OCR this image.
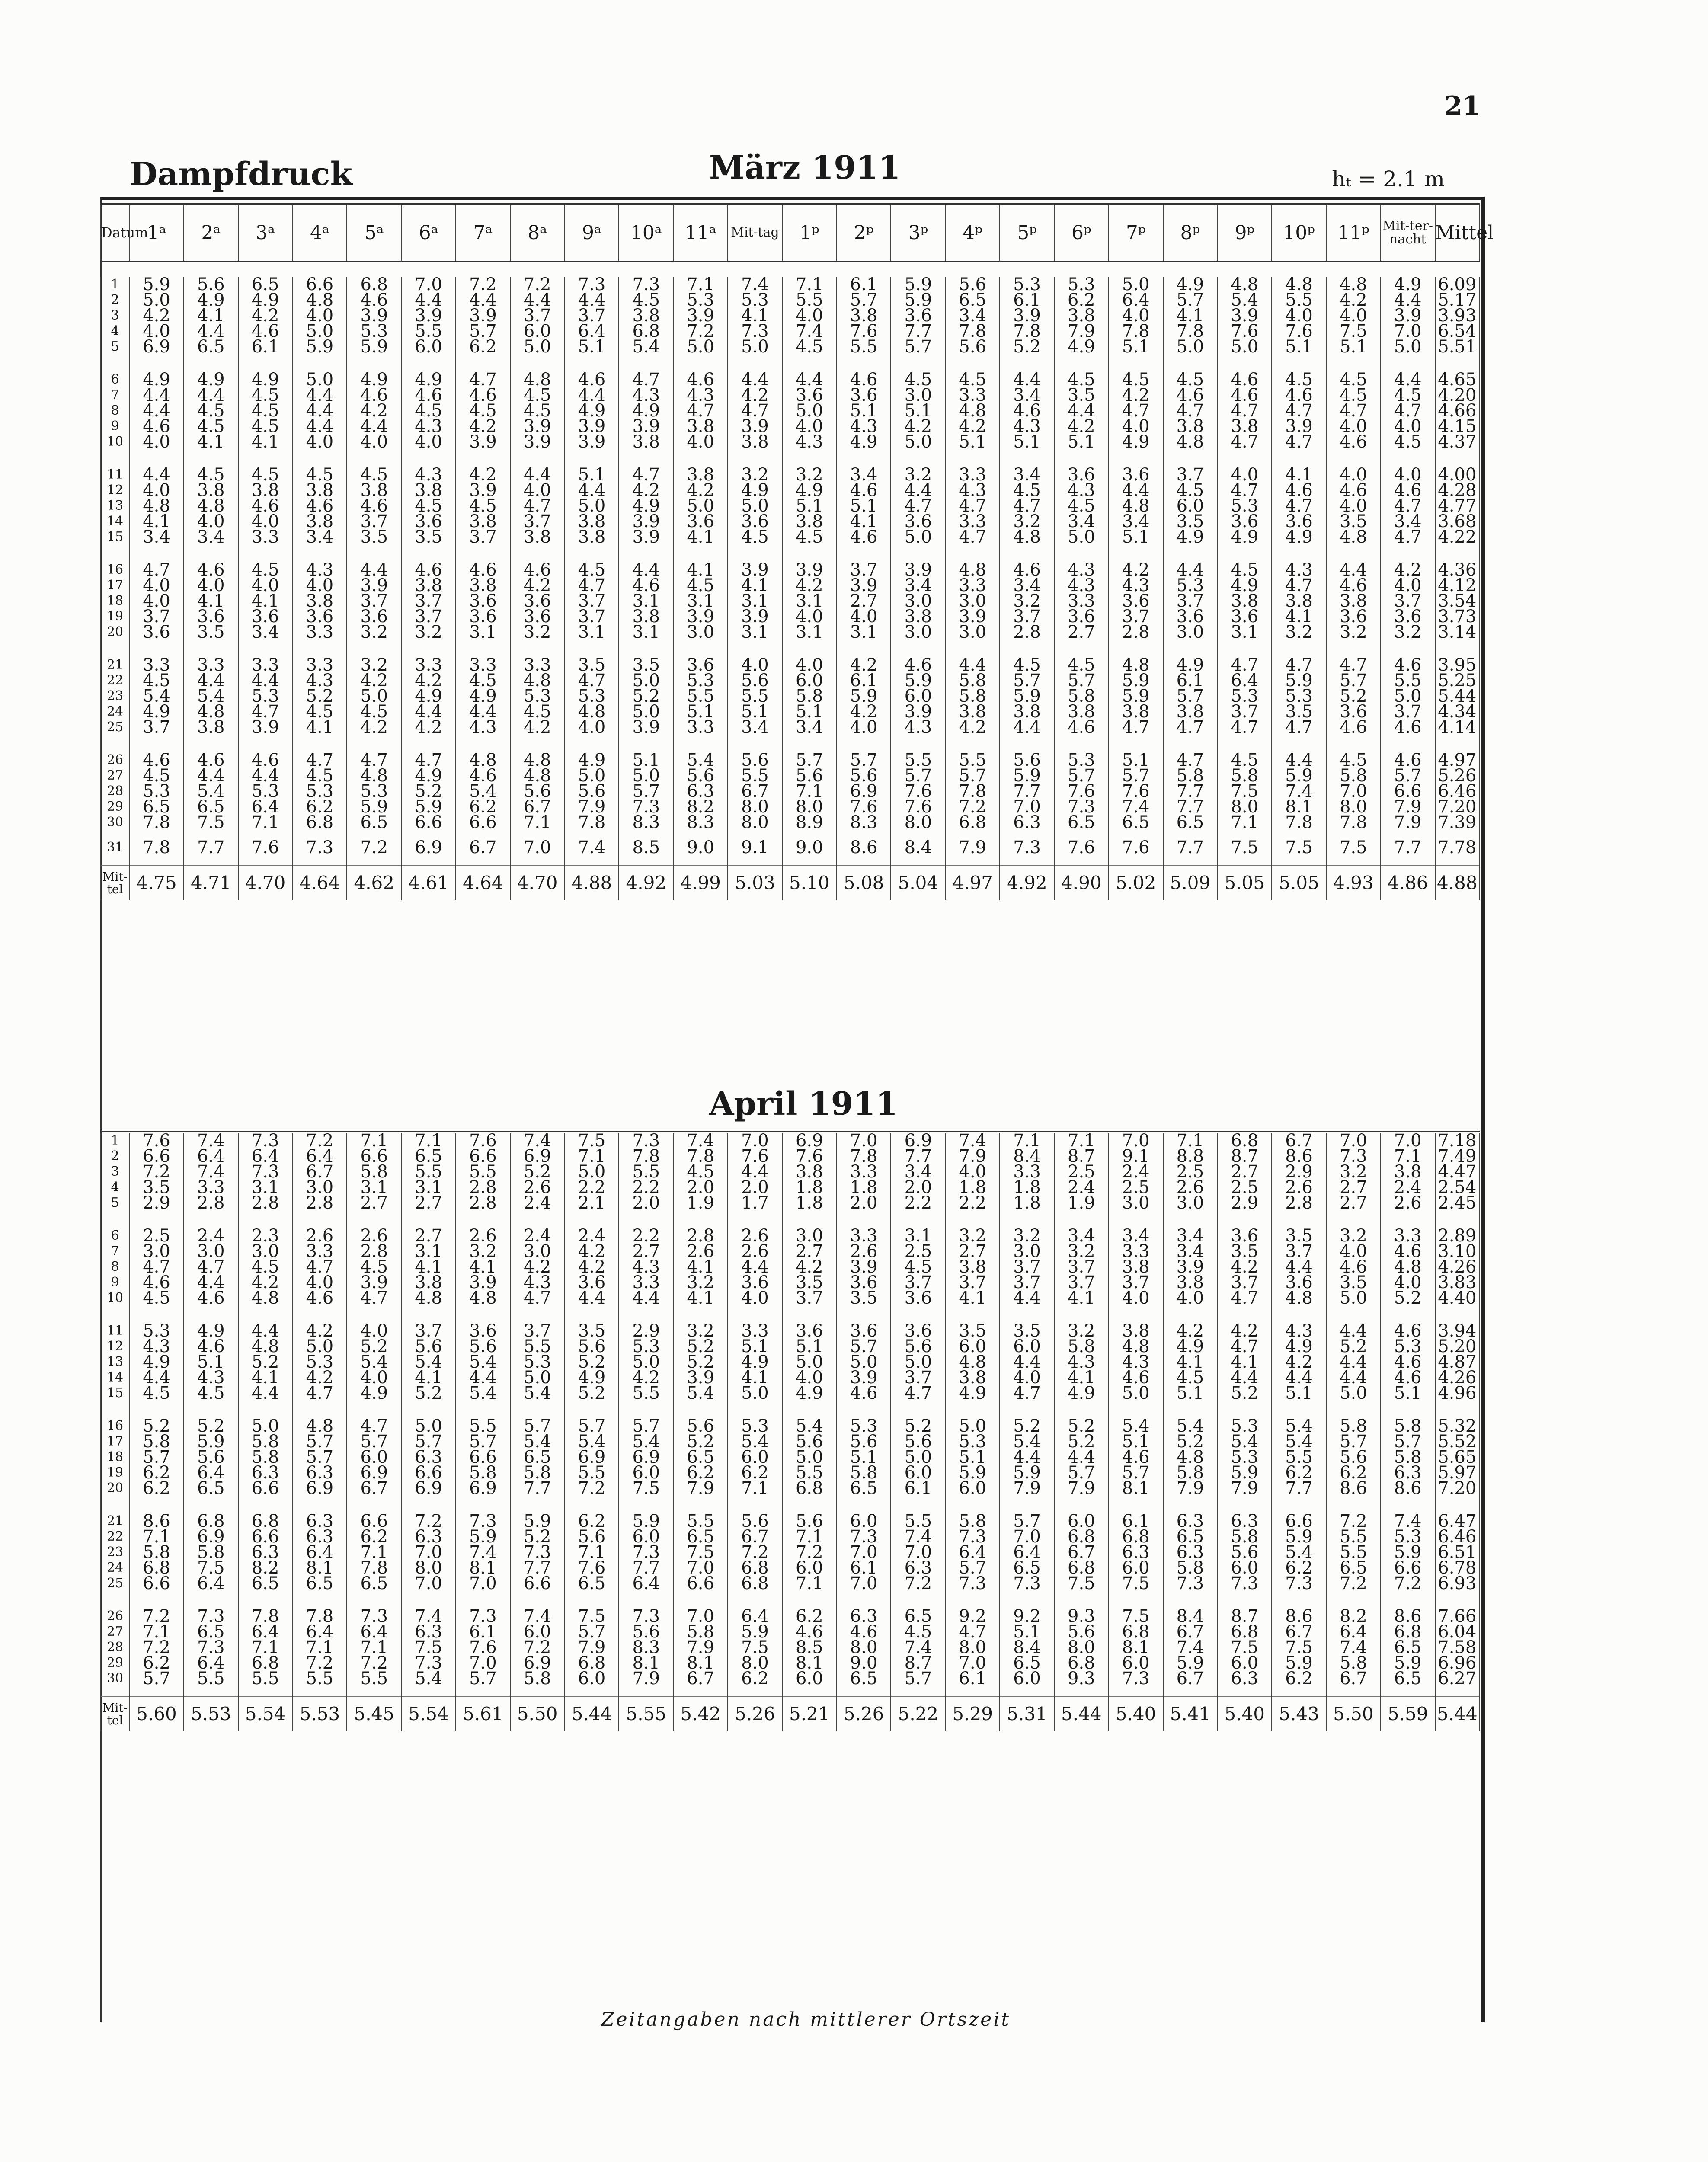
21
Dampfdruck	März 1911	hₜ = 2.1 m
Datum	1ᵃ	2ᵃ	3ᵃ	4ᵃ	5ᵃ	6ᵃ	7ᵃ	8ᵃ	9ᵃ	10ᵃ	11ᵃ	Mit-tag	1ᵖ	2ᵖ	3ᵖ	4ᵖ	5ᵖ	6ᵖ	7ᵖ	8ᵖ	9ᵖ	10ᵖ	11ᵖ	Mit-ter-nacht	Mittel
1	5.9	5.6	6.5	6.6	6.8	7.0	7.2	7.2	7.3	7.3	7.1	7.4	7.1	6.1	5.9	5.6	5.3	5.3	5.0	4.9	4.8	4.8	4.8	4.9	6.09
2	5.0	4.9	4.9	4.8	4.6	4.4	4.4	4.4	4.4	4.5	5.3	5.3	5.5	5.7	5.9	6.5	6.1	6.2	6.4	5.7	5.4	5.5	4.2	4.4	5.17
3	4.2	4.1	4.2	4.0	3.9	3.9	3.9	3.7	3.7	3.8	3.9	4.1	4.0	3.8	3.6	3.4	3.9	3.8	4.0	4.1	3.9	4.0	4.0	3.9	3.93
4	4.0	4.4	4.6	5.0	5.3	5.5	5.7	6.0	6.4	6.8	7.2	7.3	7.4	7.6	7.7	7.8	7.8	7.9	7.8	7.8	7.6	7.6	7.5	7.0	6.54
5	6.9	6.5	6.1	5.9	5.9	6.0	6.2	5.0	5.1	5.4	5.0	5.0	4.5	5.5	5.7	5.6	5.2	4.9	5.1	5.0	5.0	5.1	5.1	5.0	5.51

6	4.9	4.9	4.9	5.0	4.9	4.9	4.7	4.8	4.6	4.7	4.6	4.4	4.4	4.6	4.5	4.5	4.4	4.5	4.5	4.5	4.6	4.5	4.5	4.4	4.65
7	4.4	4.4	4.5	4.4	4.6	4.6	4.6	4.5	4.4	4.3	4.3	4.2	3.6	3.6	3.0	3.3	3.4	3.5	4.2	4.6	4.6	4.6	4.5	4.5	4.20
8	4.4	4.5	4.5	4.4	4.2	4.5	4.5	4.5	4.9	4.9	4.7	4.7	5.0	5.1	5.1	4.8	4.6	4.4	4.7	4.7	4.7	4.7	4.7	4.7	4.66
9	4.6	4.5	4.5	4.4	4.4	4.3	4.2	3.9	3.9	3.9	3.8	3.9	4.0	4.3	4.2	4.2	4.3	4.2	4.0	3.8	3.8	3.9	4.0	4.0	4.15
10	4.0	4.1	4.1	4.0	4.0	4.0	3.9	3.9	3.9	3.8	4.0	3.8	4.3	4.9	5.0	5.1	5.1	5.1	4.9	4.8	4.7	4.7	4.6	4.5	4.37

11	4.4	4.5	4.5	4.5	4.5	4.3	4.2	4.4	5.1	4.7	3.8	3.2	3.2	3.4	3.2	3.3	3.4	3.6	3.6	3.7	4.0	4.1	4.0	4.0	4.00
12	4.0	3.8	3.8	3.8	3.8	3.8	3.9	4.0	4.4	4.2	4.2	4.9	4.9	4.6	4.4	4.3	4.5	4.3	4.4	4.5	4.7	4.6	4.6	4.6	4.28
13	4.8	4.8	4.6	4.6	4.6	4.5	4.5	4.7	5.0	4.9	5.0	5.0	5.1	5.1	4.7	4.7	4.7	4.5	4.8	6.0	5.3	4.7	4.0	4.7	4.77
14	4.1	4.0	4.0	3.8	3.7	3.6	3.8	3.7	3.8	3.9	3.6	3.6	3.8	4.1	3.6	3.3	3.2	3.4	3.4	3.5	3.6	3.6	3.5	3.4	3.68
15	3.4	3.4	3.3	3.4	3.5	3.5	3.7	3.8	3.8	3.9	4.1	4.5	4.5	4.6	5.0	4.7	4.8	5.0	5.1	4.9	4.9	4.9	4.8	4.7	4.22

16	4.7	4.6	4.5	4.3	4.4	4.6	4.6	4.6	4.5	4.4	4.1	3.9	3.9	3.7	3.9	4.8	4.6	4.3	4.2	4.4	4.5	4.3	4.4	4.2	4.36
17	4.0	4.0	4.0	4.0	3.9	3.8	3.8	4.2	4.7	4.6	4.5	4.1	4.2	3.9	3.4	3.3	3.4	4.3	4.3	5.3	4.9	4.7	4.6	4.0	4.12
18	4.0	4.1	4.1	3.8	3.7	3.7	3.6	3.6	3.7	3.1	3.1	3.1	3.1	2.7	3.0	3.0	3.2	3.3	3.6	3.7	3.8	3.8	3.8	3.7	3.54
19	3.7	3.6	3.6	3.6	3.6	3.7	3.6	3.6	3.7	3.8	3.9	3.9	4.0	4.0	3.8	3.9	3.7	3.6	3.7	3.6	3.6	4.1	3.6	3.6	3.73
20	3.6	3.5	3.4	3.3	3.2	3.2	3.1	3.2	3.1	3.1	3.0	3.1	3.1	3.1	3.0	3.0	2.8	2.7	2.8	3.0	3.1	3.2	3.2	3.2	3.14

21	3.3	3.3	3.3	3.3	3.2	3.3	3.3	3.3	3.5	3.5	3.6	4.0	4.0	4.2	4.6	4.4	4.5	4.5	4.8	4.9	4.7	4.7	4.7	4.6	3.95
22	4.5	4.4	4.4	4.3	4.2	4.2	4.5	4.8	4.7	5.0	5.3	5.6	6.0	6.1	5.9	5.8	5.7	5.7	5.9	6.1	6.4	5.9	5.7	5.5	5.25
23	5.4	5.4	5.3	5.2	5.0	4.9	4.9	5.3	5.3	5.2	5.5	5.5	5.8	5.9	6.0	5.8	5.9	5.8	5.9	5.7	5.3	5.3	5.2	5.0	5.44
24	4.9	4.8	4.7	4.5	4.5	4.4	4.4	4.5	4.8	5.0	5.1	5.1	5.1	4.2	3.9	3.8	3.8	3.8	3.8	3.8	3.7	3.5	3.6	3.7	4.34
25	3.7	3.8	3.9	4.1	4.2	4.2	4.3	4.2	4.0	3.9	3.3	3.4	3.4	4.0	4.3	4.2	4.4	4.6	4.7	4.7	4.7	4.7	4.6	4.6	4.14

26	4.6	4.6	4.6	4.7	4.7	4.7	4.8	4.8	4.9	5.1	5.4	5.6	5.7	5.7	5.5	5.5	5.6	5.3	5.1	4.7	4.5	4.4	4.5	4.6	4.97
27	4.5	4.4	4.4	4.5	4.8	4.9	4.6	4.8	5.0	5.0	5.6	5.5	5.6	5.6	5.7	5.7	5.9	5.7	5.7	5.8	5.8	5.9	5.8	5.7	5.26
28	5.3	5.4	5.3	5.3	5.3	5.2	5.4	5.6	5.6	5.7	6.3	6.7	7.1	6.9	7.6	7.8	7.7	7.6	7.6	7.7	7.5	7.4	7.0	6.6	6.46
29	6.5	6.5	6.4	6.2	5.9	5.9	6.2	6.7	7.9	7.3	8.2	8.0	8.0	7.6	7.6	7.2	7.0	7.3	7.4	7.7	8.0	8.1	8.0	7.9	7.20
30	7.8	7.5	7.1	6.8	6.5	6.6	6.6	7.1	7.8	8.3	8.3	8.0	8.9	8.3	8.0	6.8	6.3	6.5	6.5	6.5	7.1	7.8	7.8	7.9	7.39

31	7.8	7.7	7.6	7.3	7.2	6.9	6.7	7.0	7.4	8.5	9.0	9.1	9.0	8.6	8.4	7.9	7.3	7.6	7.6	7.7	7.5	7.5	7.5	7.7	7.78

Mit-tel	4.75	4.71	4.70	4.64	4.62	4.61	4.64	4.70	4.88	4.92	4.99	5.03	5.10	5.08	5.04	4.97	4.92	4.90	5.02	5.09	5.05	5.05	4.93	4.86	4.88
April 1911
1	7.6	7.4	7.3	7.2	7.1	7.1	7.6	7.4	7.5	7.3	7.4	7.0	6.9	7.0	6.9	7.4	7.1	7.1	7.0	7.1	6.8	6.7	7.0	7.0	7.18
2	6.6	6.4	6.4	6.4	6.6	6.5	6.6	6.9	7.1	7.8	7.8	7.6	7.6	7.8	7.7	7.9	8.4	8.7	9.1	8.8	8.7	8.6	7.3	7.1	7.49
3	7.2	7.4	7.3	6.7	5.8	5.5	5.5	5.2	5.0	5.5	4.5	4.4	3.8	3.3	3.4	4.0	3.3	2.5	2.4	2.5	2.7	2.9	3.2	3.8	4.47
4	3.5	3.3	3.1	3.0	3.1	3.1	2.8	2.6	2.2	2.2	2.0	2.0	1.8	1.8	2.0	1.8	1.8	2.4	2.5	2.6	2.5	2.6	2.7	2.4	2.54
5	2.9	2.8	2.8	2.8	2.7	2.7	2.8	2.4	2.1	2.0	1.9	1.7	1.8	2.0	2.2	2.2	1.8	1.9	3.0	3.0	2.9	2.8	2.7	2.6	2.45

6	2.5	2.4	2.3	2.6	2.6	2.7	2.6	2.4	2.4	2.2	2.8	2.6	3.0	3.3	3.1	3.2	3.2	3.4	3.4	3.4	3.6	3.5	3.2	3.3	2.89
7	3.0	3.0	3.0	3.3	2.8	3.1	3.2	3.0	4.2	2.7	2.6	2.6	2.7	2.6	2.5	2.7	3.0	3.2	3.3	3.4	3.5	3.7	4.0	4.6	3.10
8	4.7	4.7	4.5	4.7	4.5	4.1	4.1	4.2	4.2	4.3	4.1	4.4	4.2	3.9	4.5	3.8	3.7	3.7	3.8	3.9	4.2	4.4	4.6	4.8	4.26
9	4.6	4.4	4.2	4.0	3.9	3.8	3.9	4.3	3.6	3.3	3.2	3.6	3.5	3.6	3.7	3.7	3.7	3.7	3.7	3.8	3.7	3.6	3.5	4.0	3.83
10	4.5	4.6	4.8	4.6	4.7	4.8	4.8	4.7	4.4	4.4	4.1	4.0	3.7	3.5	3.6	4.1	4.4	4.1	4.0	4.0	4.7	4.8	5.0	5.2	4.40

11	5.3	4.9	4.4	4.2	4.0	3.7	3.6	3.7	3.5	2.9	3.2	3.3	3.6	3.6	3.6	3.5	3.5	3.2	3.8	4.2	4.2	4.3	4.4	4.6	3.94
12	4.3	4.6	4.8	5.0	5.2	5.6	5.6	5.5	5.6	5.3	5.2	5.1	5.1	5.7	5.6	6.0	6.0	5.8	4.8	4.9	4.7	4.9	5.2	5.3	5.20
13	4.9	5.1	5.2	5.3	5.4	5.4	5.4	5.3	5.2	5.0	5.2	4.9	5.0	5.0	5.0	4.8	4.4	4.3	4.3	4.1	4.1	4.2	4.4	4.6	4.87
14	4.4	4.3	4.1	4.2	4.0	4.1	4.4	5.0	4.9	4.2	3.9	4.1	4.0	3.9	3.7	3.8	4.0	4.1	4.6	4.5	4.4	4.4	4.4	4.6	4.26
15	4.5	4.5	4.4	4.7	4.9	5.2	5.4	5.4	5.2	5.5	5.4	5.0	4.9	4.6	4.7	4.9	4.7	4.9	5.0	5.1	5.2	5.1	5.0	5.1	4.96

16	5.2	5.2	5.0	4.8	4.7	5.0	5.5	5.7	5.7	5.7	5.6	5.3	5.4	5.3	5.2	5.0	5.2	5.2	5.4	5.4	5.3	5.4	5.8	5.8	5.32
17	5.8	5.9	5.8	5.7	5.7	5.7	5.7	5.4	5.4	5.4	5.2	5.4	5.6	5.6	5.6	5.3	5.4	5.2	5.1	5.2	5.4	5.4	5.7	5.7	5.52
18	5.7	5.6	5.8	5.7	6.0	6.3	6.6	6.5	6.9	6.9	6.5	6.0	5.0	5.1	5.0	5.1	4.4	4.4	4.6	4.8	5.3	5.5	5.6	5.8	5.65
19	6.2	6.4	6.3	6.3	6.9	6.6	5.8	5.8	5.5	6.0	6.2	6.2	5.5	5.8	6.0	5.9	5.9	5.7	5.7	5.8	5.9	6.2	6.2	6.3	5.97
20	6.2	6.5	6.6	6.9	6.7	6.9	6.9	7.7	7.2	7.5	7.9	7.1	6.8	6.5	6.1	6.0	7.9	7.9	8.1	7.9	7.9	7.7	8.6	8.6	7.20

21	8.6	6.8	6.8	6.3	6.6	7.2	7.3	5.9	6.2	5.9	5.5	5.6	5.6	6.0	5.5	5.8	5.7	6.0	6.1	6.3	6.3	6.6	7.2	7.4	6.47
22	7.1	6.9	6.6	6.3	6.2	6.3	5.9	5.2	5.6	6.0	6.5	6.7	7.1	7.3	7.4	7.3	7.0	6.8	6.8	6.5	5.8	5.9	5.5	5.3	6.46
23	5.8	5.8	6.3	6.4	7.1	7.0	7.4	7.3	7.1	7.3	7.5	7.2	7.2	7.0	7.0	6.4	6.4	6.7	6.3	6.3	5.6	5.4	5.5	5.9	6.51
24	6.8	7.5	8.2	8.1	7.8	8.0	8.1	7.7	7.6	7.7	7.0	6.8	6.0	6.1	6.3	5.7	6.5	6.8	6.0	5.8	6.0	6.2	6.5	6.6	6.78
25	6.6	6.4	6.5	6.5	6.5	7.0	7.0	6.6	6.5	6.4	6.6	6.8	7.1	7.0	7.2	7.3	7.3	7.5	7.5	7.3	7.3	7.3	7.2	7.2	6.93

26	7.2	7.3	7.8	7.8	7.3	7.4	7.3	7.4	7.5	7.3	7.0	6.4	6.2	6.3	6.5	9.2	9.2	9.3	7.5	8.4	8.7	8.6	8.2	8.6	7.66
27	7.1	6.5	6.4	6.4	6.4	6.3	6.1	6.0	5.7	5.6	5.8	5.9	4.6	4.6	4.5	4.7	5.1	5.6	6.8	6.7	6.8	6.7	6.4	6.8	6.04
28	7.2	7.3	7.1	7.1	7.1	7.5	7.6	7.2	7.9	8.3	7.9	7.5	8.5	8.0	7.4	8.0	8.4	8.0	8.1	7.4	7.5	7.5	7.4	6.5	7.58
29	6.2	6.4	6.8	7.2	7.2	7.3	7.0	6.9	6.8	8.1	8.1	8.0	8.1	9.0	8.7	7.0	6.5	6.8	6.0	5.9	6.0	5.9	5.8	5.9	6.96
30	5.7	5.5	5.5	5.5	5.5	5.4	5.7	5.8	6.0	7.9	6.7	6.2	6.0	6.5	5.7	6.1	6.0	9.3	7.3	6.7	6.3	6.2	6.7	6.5	6.27

Mit-tel	5.60	5.53	5.54	5.53	5.45	5.54	5.61	5.50	5.44	5.55	5.42	5.26	5.21	5.26	5.22	5.29	5.31	5.44	5.40	5.41	5.40	5.43	5.50	5.59	5.44
Zeitangaben nach mittlerer Ortszeit
